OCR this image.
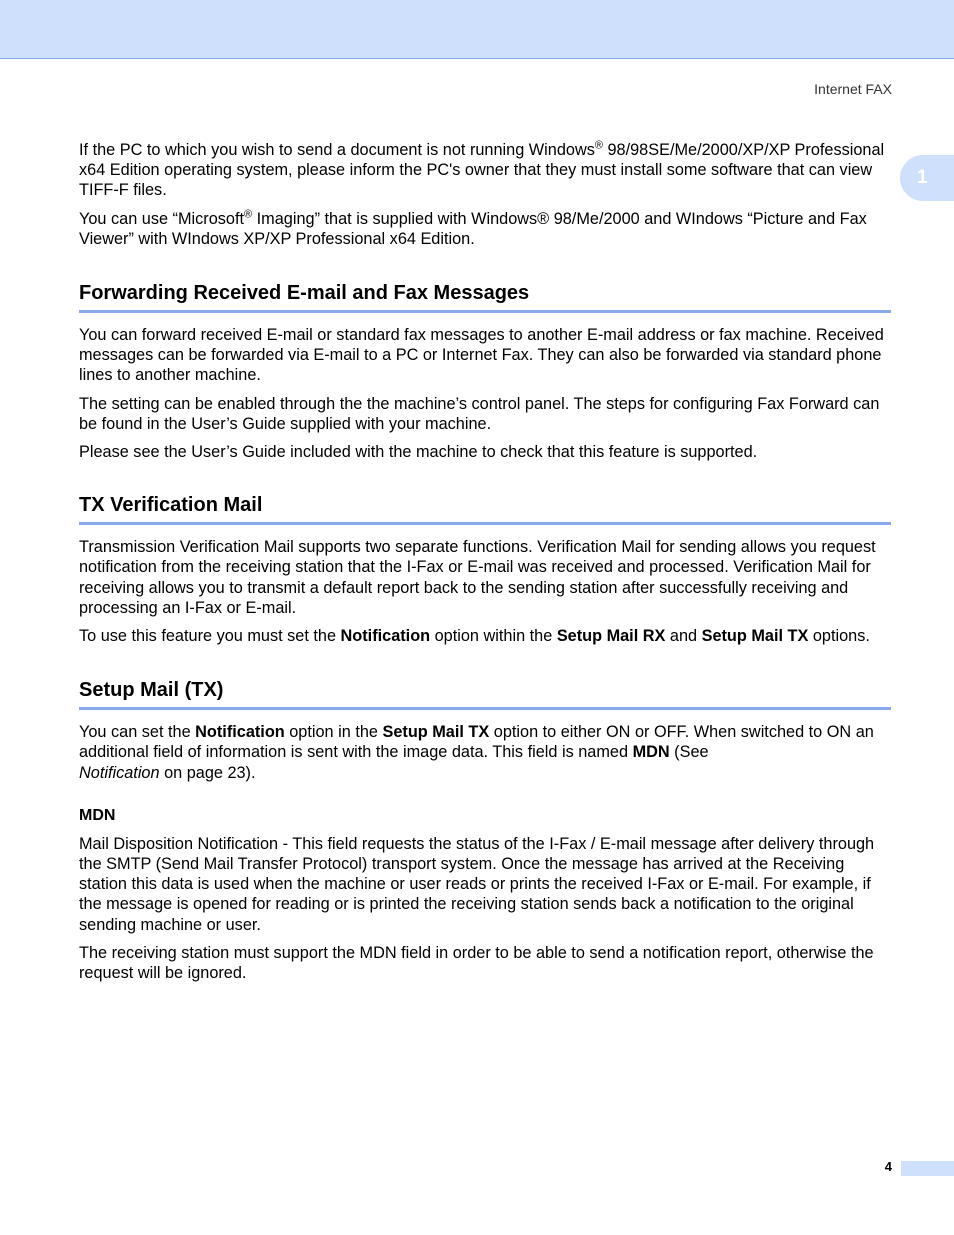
Internet FAX
1

If the PC to which you wish to send a document is not running Windows® 98/98SE/Me/2000/XP/XP Professional x64 Edition operating system, please inform the PC's owner that they must install some software that can view TIFF-F files.

You can use “Microsoft® Imaging” that is supplied with Windows® 98/Me/2000 and WIndows “Picture and Fax Viewer” with WIndows XP/XP Professional x64 Edition.

Forwarding Received E-mail and Fax Messages

You can forward received E-mail or standard fax messages to another E-mail address or fax machine. Received messages can be forwarded via E-mail to a PC or Internet Fax. They can also be forwarded via standard phone lines to another machine.

The setting can be enabled through the the machine’s control panel. The steps for configuring Fax Forward can be found in the User’s Guide supplied with your machine.

Please see the User’s Guide included with the machine to check that this feature is supported.

TX Verification Mail

Transmission Verification Mail supports two separate functions. Verification Mail for sending allows you request notification from the receiving station that the I-Fax or E-mail was received and processed. Verification Mail for receiving allows you to transmit a default report back to the sending station after successfully receiving and processing an I-Fax or E-mail.

To use this feature you must set the Notification option within the Setup Mail RX and Setup Mail TX options.

Setup Mail (TX)

You can set the Notification option in the Setup Mail TX option to either ON or OFF. When switched to ON an additional field of information is sent with the image data. This field is named MDN (See
Notification on page 23).

MDN

Mail Disposition Notification - This field requests the status of the I-Fax / E-mail message after delivery through the SMTP (Send Mail Transfer Protocol) transport system. Once the message has arrived at the Receiving station this data is used when the machine or user reads or prints the received I-Fax or E-mail. For example, if the message is opened for reading or is printed the receiving station sends back a notification to the original sending machine or user.

The receiving station must support the MDN field in order to be able to send a notification report, otherwise the request will be ignored.

4
